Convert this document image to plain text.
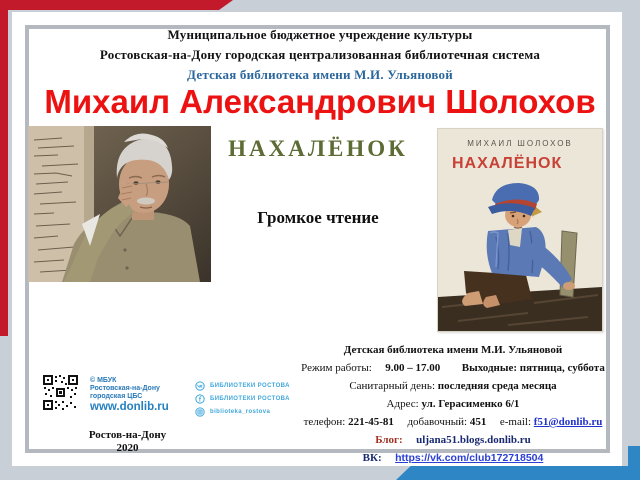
Муниципальное бюджетное учреждение культуры
Ростовская-на-Дону городская централизованная библиотечная система
Детская библиотека имени М.И. Ульяновой
Михаил Александрович Шолохов
НАХАЛЁНОК
Громкое чтение
МИХАИЛ ШОЛОХОВ
НАХАЛЁНОК
Детская библиотека имени М.И. Ульяновой
Режим работы: 9.00 – 17.00 Выходные: пятница, суббота
Санитарный день: последняя среда месяца
Адрес: ул. Герасименко 6/1
телефон: 221-45-81 добавочный: 451 e-mail: f51@donlib.ru
Блог: uljana51.blogs.donlib.ru
ВК: https://vk.com/club172718504
© МБУК
Ростовская-на-Дону
городская ЦБС
www.donlib.ru
БИБЛИОТЕКИ РОСТОВА
БИБЛИОТЕКИ РОСТОВА
biblioteka_rostova
Ростов-на-Дону
2020
